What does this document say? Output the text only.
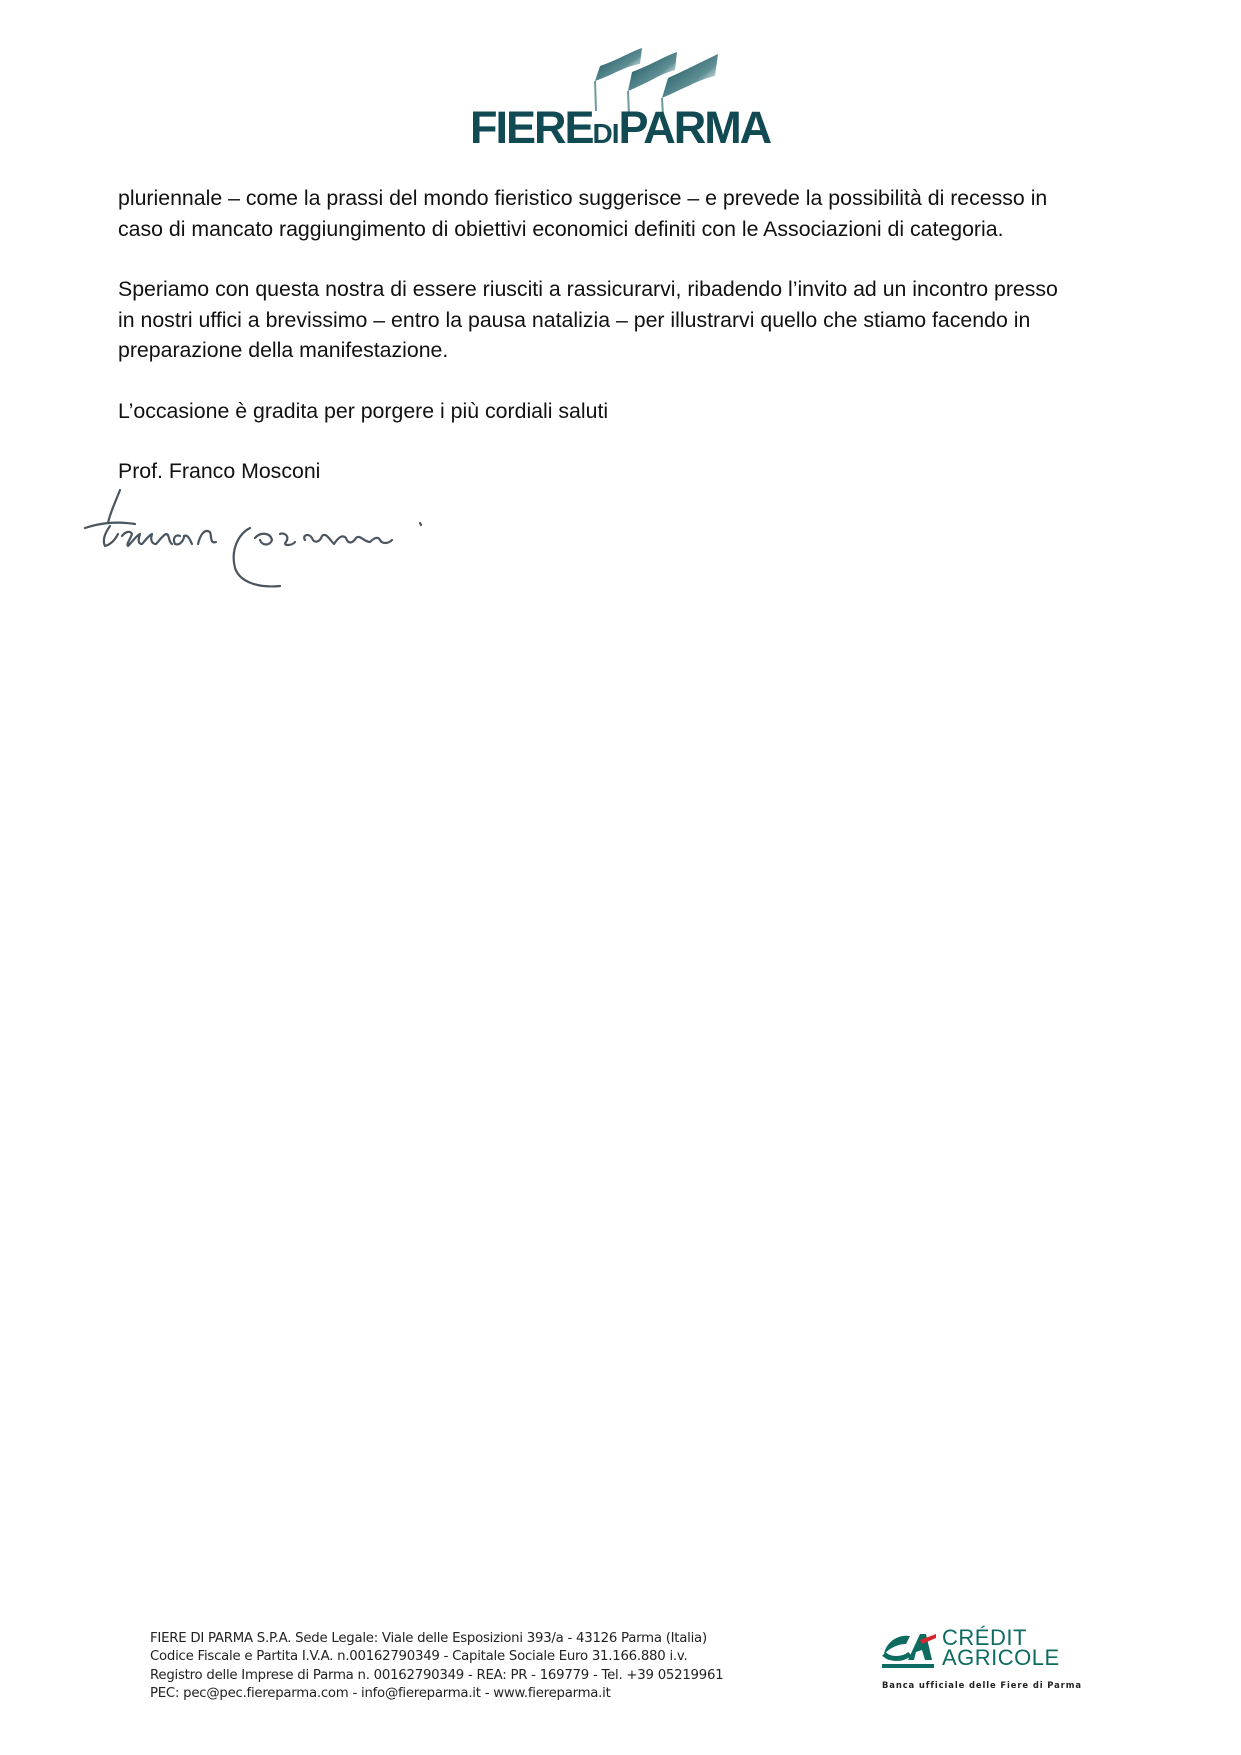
FIEREDIPARMA

pluriennale – come la prassi del mondo fieristico suggerisce – e prevede la possibilità di recesso in
caso di mancato raggiungimento di obiettivi economici definiti con le Associazioni di categoria.

Speriamo con questa nostra di essere riusciti a rassicurarvi, ribadendo l’invito ad un incontro presso
in nostri uffici a brevissimo – entro la pausa natalizia – per illustrarvi quello che stiamo facendo in
preparazione della manifestazione.

L’occasione è gradita per porgere i più cordiali saluti

Prof. Franco Mosconi

FIERE DI PARMA S.P.A. Sede Legale: Viale delle Esposizioni 393/a - 43126 Parma (Italia)
Codice Fiscale e Partita I.V.A. n.00162790349 - Capitale Sociale Euro 31.166.880 i.v.
Registro delle Imprese di Parma n. 00162790349 - REA: PR - 169779 - Tel. +39 05219961
PEC: pec@pec.fiereparma.com - info@fiereparma.it - www.fiereparma.it
CRÉDIT
AGRICOLE
Banca ufficiale delle Fiere di Parma
